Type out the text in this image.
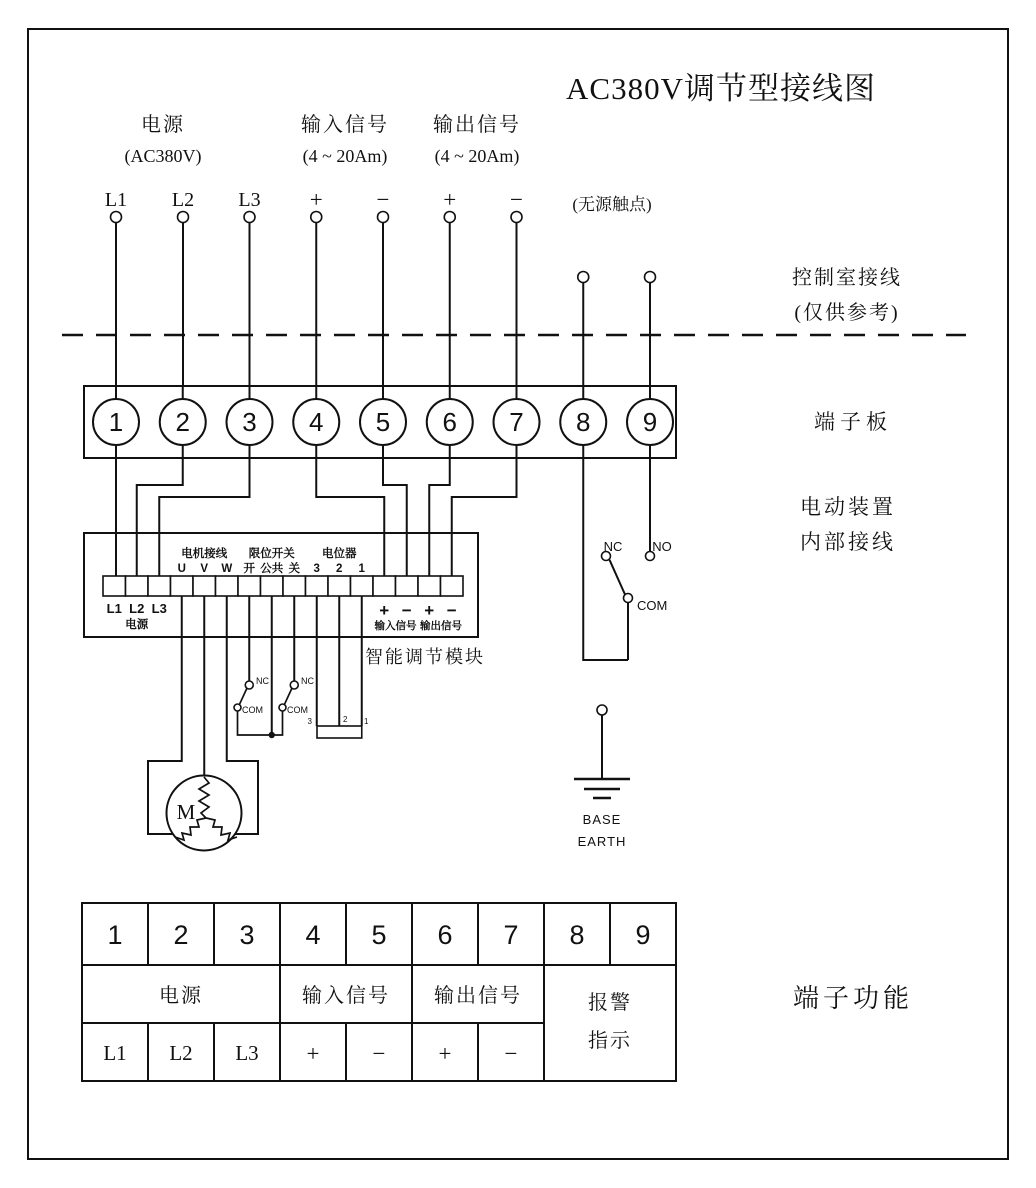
AC380V调节型接线图
电源
(AC380V)
输入信号
(4 ~ 20Am)
输出信号
(4 ~ 20Am)
(无源触点)
L1 L2 L3 + − + −
控制室接线
(仅供参考)
端子板
电动装置
内部接线
1 2 3 4 5 6 7 8 9
电机接线 限位开关 电位器
U V W 开 公共 关 3 2 1
L1 L2 L3
电源
+ − + −
输入信号 输出信号
智能调节模块
NC
COM
NC
COM
3	2 1
M
NC NO
COM
BASE
EARTH
1 2 3 4 5 6 7 8 9
电源	输入信号 输出信号	报警
指示
L1 L2 L3 + − + −
端子功能
